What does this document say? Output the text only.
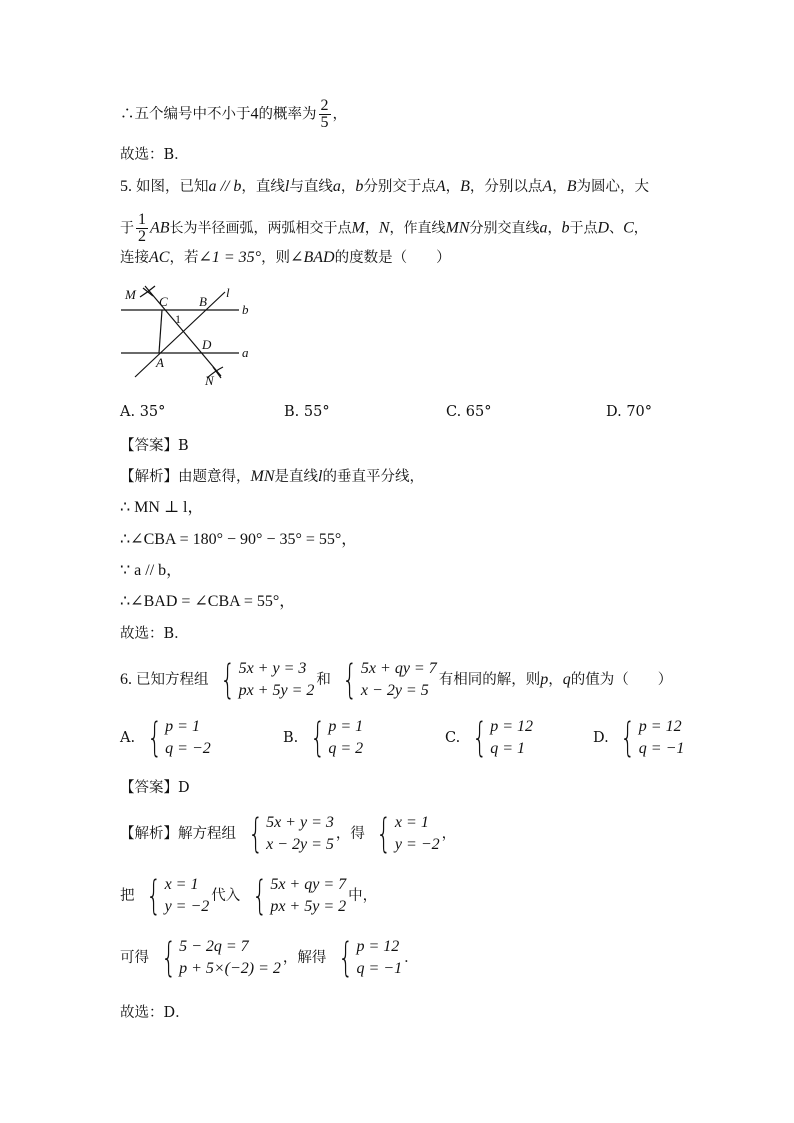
∴五个编号中不小于4的概率为 $\frac{2}{5}$ ，
故选：B．
5. 如图，已知a // b，直线l与直线a，b分别交于点A，B，分别以点A，B为圆心，大
于 $\frac{1}{2}$ AB长为半径画弧，两弧相交于点M，N，作直线MN分别交直线a，b于点D、C，
连接AC，若∠1 = 35°，则∠BAD的度数是（　　）
M C B
l
b
1
D
a
A
N
A. 35°	B. 55°	C. 65°	D. 70°
【答案】B
【解析】由题意得，MN是直线l的垂直平分线，
∴ MN ⊥ l，
∴∠CBA = 180° − 90° − 35° = 55°，
∵ a // b，
∴∠BAD = ∠CBA = 55°，
故选：B．
6. 已知方程组 { 5x + y = 3
px + 5y = 2
和 { 5x + qy = 7
x − 2y = 5
有相同的解，则p，q的值为（　　）
A. { p = 1
q = −2
B. { p = 1
q = 2
C. { p = 12
q = 1
D. { p = 12
q = −1
【答案】D
【解析】解方程组 { 5x + y = 3
x − 2y = 5
，得 { x = 1
y = −2
，
把 { x = 1
y = −2
代入 { 5x + qy = 7
px + 5y = 2
中，
可得 { 5 − 2q = 7
p + 5×(−2) = 2
，解得 { p = 12
q = −1
．
故选：D．
